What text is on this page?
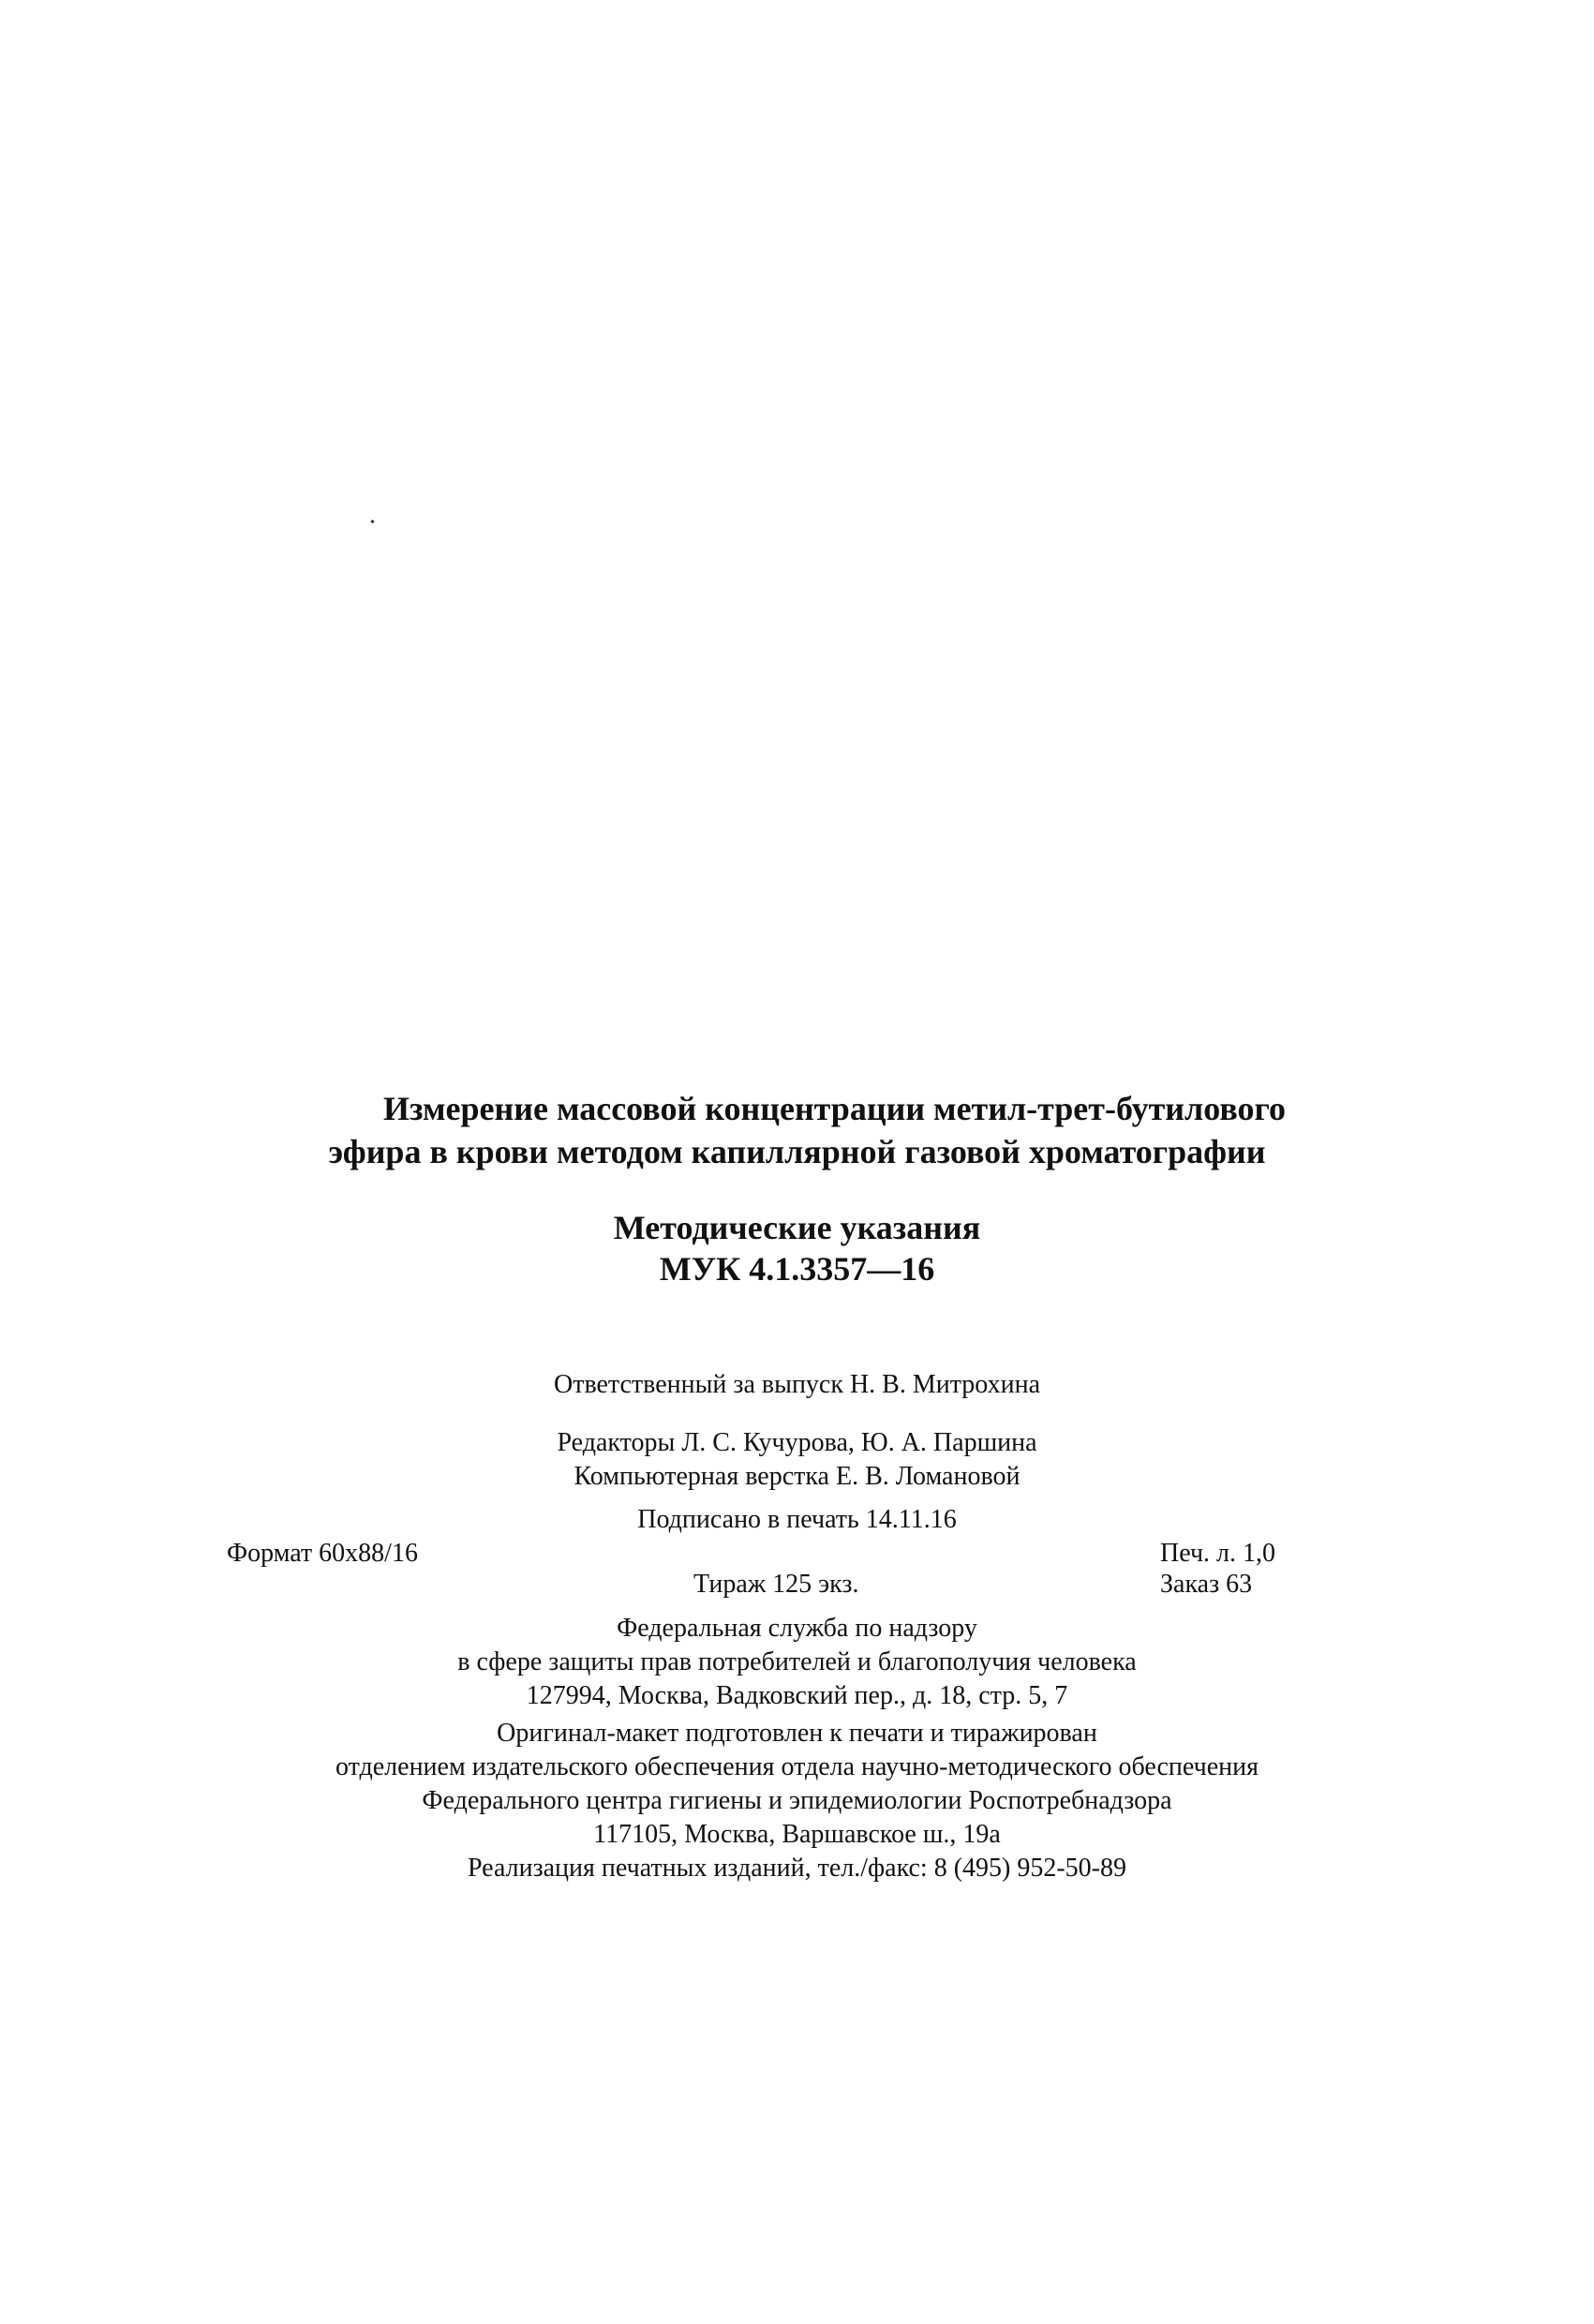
Измерение массовой концентрации метил-трет-бутилового
эфира в крови методом капиллярной газовой хроматографии
Методические указания
МУК 4.1.3357—16
Ответственный за выпуск Н. В. Митрохина
Редакторы Л. С. Кучурова, Ю. А. Паршина
Компьютерная верстка Е. В. Ломановой
Подписано в печать 14.11.16
Формат 60x88/16	Печ. л. 1,0
Тираж 125 экз.	Заказ 63
Федеральная служба по надзору
в сфере защиты прав потребителей и благополучия человека
127994, Москва, Вадковский пер., д. 18, стр. 5, 7
Оригинал-макет подготовлен к печати и тиражирован
отделением издательского обеспечения отдела научно-методического обеспечения
Федерального центра гигиены и эпидемиологии Роспотребнадзора
117105, Москва, Варшавское ш., 19а
Реализация печатных изданий, тел./факс: 8 (495) 952-50-89
